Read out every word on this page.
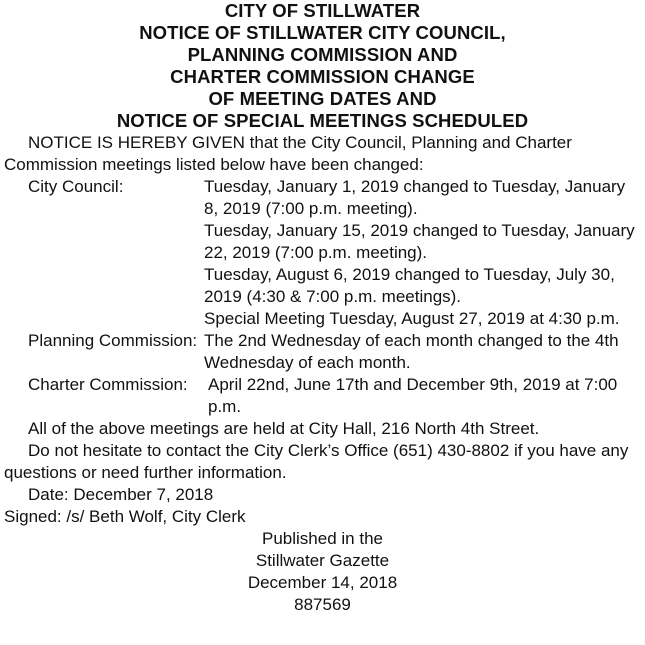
CITY OF STILLWATER
NOTICE OF STILLWATER CITY COUNCIL,
PLANNING COMMISSION AND
CHARTER COMMISSION CHANGE
OF MEETING DATES AND
NOTICE OF SPECIAL MEETINGS SCHEDULED

NOTICE IS HEREBY GIVEN that the City Council, Planning and Charter Commission meetings listed below have been changed:

City Council:	Tuesday, January 1, 2019 changed to Tuesday, January 8, 2019 (7:00 p.m. meeting).
Tuesday, January 15, 2019 changed to Tuesday, January 22, 2019 (7:00 p.m. meeting).
Tuesday, August 6, 2019 changed to Tuesday, July 30, 2019 (4:30 & 7:00 p.m. meetings).
Special Meeting Tuesday, August 27, 2019 at 4:30 p.m.
Planning Commission: The 2nd Wednesday of each month changed to the 4th Wednesday of each month.
Charter Commission:	April 22nd, June 17th and December 9th, 2019 at 7:00 p.m.

All of the above meetings are held at City Hall, 216 North 4th Street.

Do not hesitate to contact the City Clerk’s Office (651) 430-8802 if you have any questions or need further information.

Date: December 7, 2018

Signed: /s/ Beth Wolf, City Clerk

Published in the
Stillwater Gazette
December 14, 2018
887569
